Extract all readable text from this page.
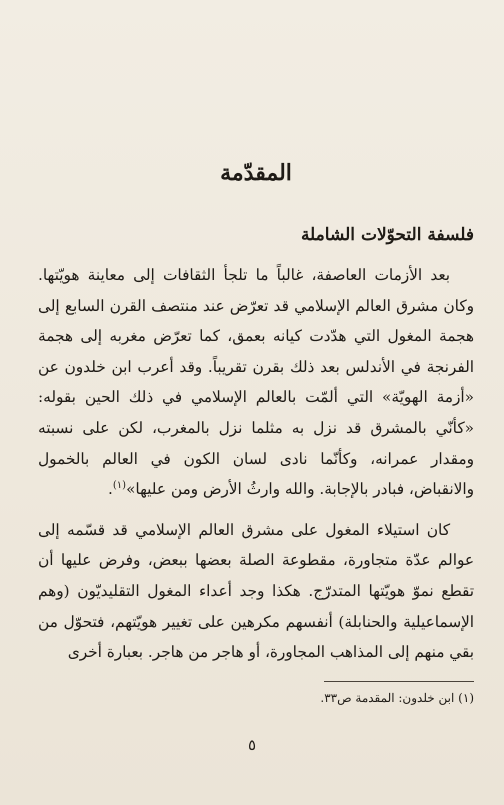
المقدّمة
فلسفة التحوّلات الشاملة

بعد الأزمات العاصفة، غالباً ما تلجأ الثقافات إلى معاينة هويّتها. وكان مشرق العالم الإسلامي قد تعرّض عند منتصف القرن السابع إلى هجمة المغول التي هدّدت كيانه بعمق، كما تعرّض مغربه إلى هجمة الفرنجة في الأندلس بعد ذلك بقرن تقريباً. وقد أعرب ابن خلدون عن «أزمة الهويّة» التي ألمّت بالعالم الإسلامي في ذلك الحين بقوله: «كأنّي بالمشرق قد نزل به مثلما نزل بالمغرب، لكن على نسبته ومقدار عمرانه، وكأنّما نادى لسان الكون في العالم بالخمول والانقباض، فبادر بالإجابة. والله وارثُ الأرض ومن عليها»$^{(١)}$.

كان استيلاء المغول على مشرق العالم الإسلامي قد قسّمه إلى عوالم عدّة متجاورة، مقطوعة الصلة بعضها ببعض، وفرض عليها أن تقطع نموّ هويّتها المتدرّج. هكذا وجد أعداء المغول التقليديّون (وهم الإسماعيلية والحنابلة) أنفسهم مكرهين على تغيير هويّتهم، فتحوّل من بقي منهم إلى المذاهب المجاورة، أو هاجر من هاجر. بعبارة أخرى

(١) ابن خلدون: المقدمة ص٣٣.

٥
